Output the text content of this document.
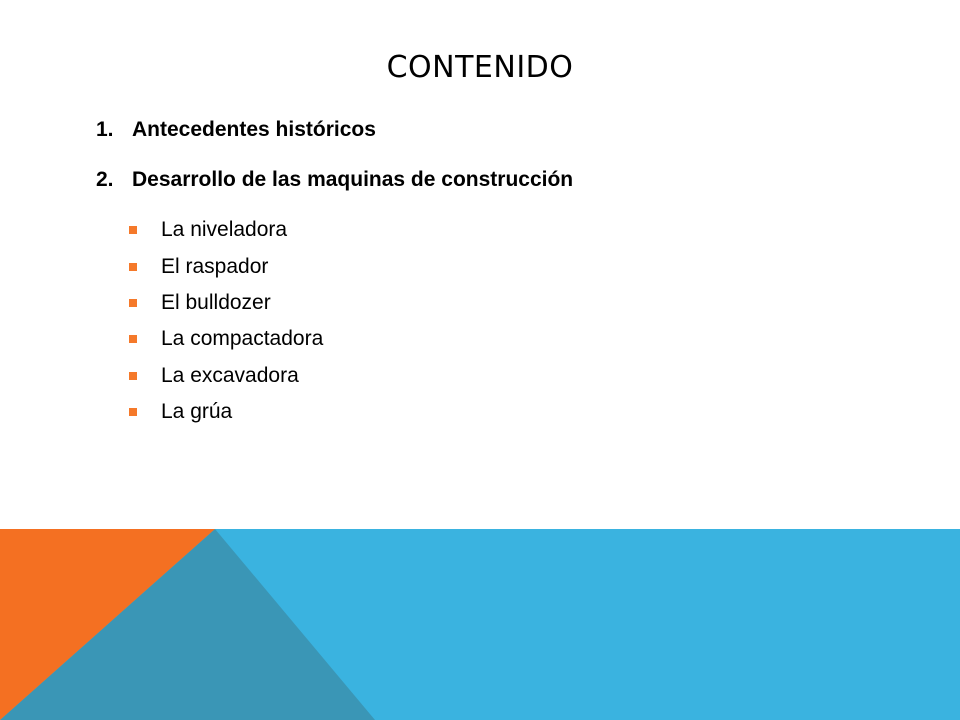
CONTENIDO
1. Antecedentes históricos
2. Desarrollo de las maquinas de construcción
La niveladora
El raspador
El bulldozer
La compactadora
La excavadora
La grúa
